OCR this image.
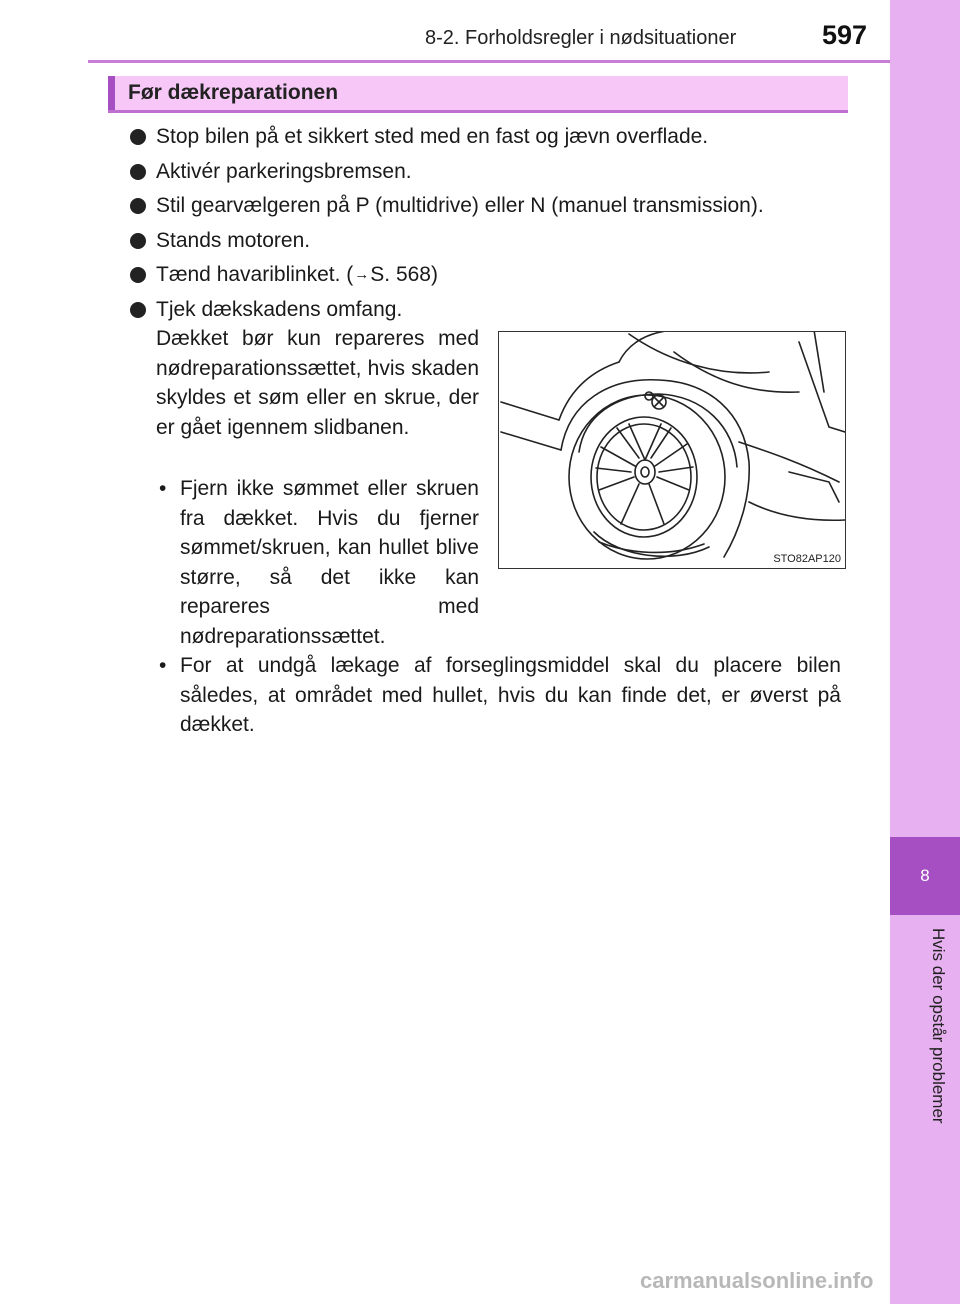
8
Hvis der opstår problemer
8-2. Forholdsregler i nødsituationer	597
Før dækreparationen
Stop bilen på et sikkert sted med en fast og jævn overflade.
Aktivér parkeringsbremsen.
Stil gearvælgeren på P (multidrive) eller N (manuel transmission).
Stands motoren.
Tænd havariblinket. (→S. 568)
Tjek dækskadens omfang.

Dækket bør kun repareres med nødreparationssættet, hvis skaden skyldes et søm eller en skrue, der er gået igennem slidbanen.

• Fjern ikke sømmet eller skruen fra dækket. Hvis du fjerner sømmet/skruen, kan hullet blive større, så det ikke kan repareres med nødreparationssættet.

• For at undgå lækage af forseglingsmiddel skal du placere bilen således, at området med hullet, hvis du kan finde det, er øverst på dækket.

STO82AP120
carmanualsonline.info
